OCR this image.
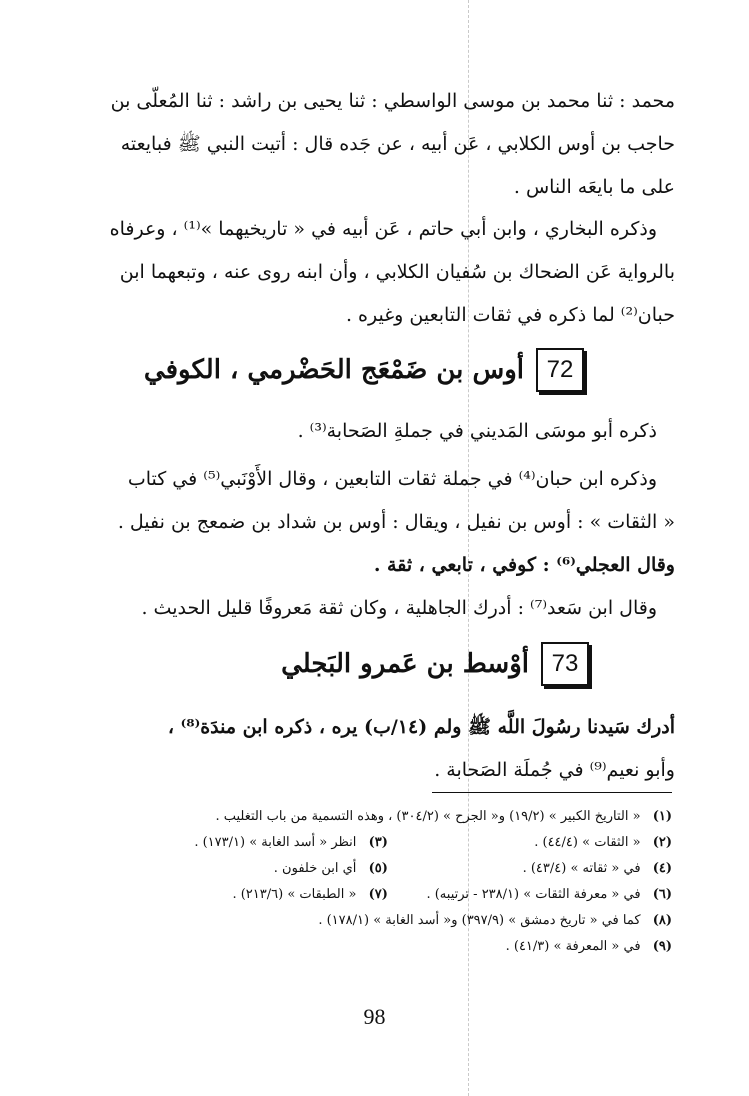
محمد : ثنا محمد بن موسى الواسطي : ثنا يحيى بن راشد : ثنا المُعلّى بن
حاجب بن أوس الكلابي ، عَن أبيه ، عن جَده قال : أتيت النبي ﷺ فبايعته
على ما بايعَه الناس .
وذكره البخاري ، وابن أبي حاتم ، عَن أبيه في « تاريخيهما »⁽¹⁾ ، وعرفاه
بالرواية عَن الضحاك بن سُفيان الكلابي ، وأن ابنه روى عنه ، وتبعهما ابن
حبان⁽²⁾ لما ذكره في ثقات التابعين وغيره .
72
أوس بن ضَمْعَج الحَضْرمي ، الكوفي
ذكره أبو موسَى المَديني في جملةِ الصَحابة⁽³⁾ .
وذكره ابن حبان⁽⁴⁾ في جملة ثقات التابعين ، وقال الأَوْنَبي⁽⁵⁾ في كتاب
« الثقات » : أوس بن نفيل ، ويقال : أوس بن شداد بن ضمعج بن نفيل .
وقال العجلي⁽⁶⁾ : كوفي ، تابعي ، ثقة .
وقال ابن سَعد⁽⁷⁾ : أدرك الجاهلية ، وكان ثقة مَعروفًا قليل الحديث .
73
أوْسط بن عَمرو البَجلي
أدرك سَيدنا رسُولَ اللَّه ﷺ ولم (١٤/ب) يره ، ذكره ابن مندَة⁽⁸⁾ ،
وأبو نعيم⁽⁹⁾ في جُملَة الصَحابة .
(١) « التاريخ الكبير » (١٩/٢) و« الجرح » (٣٠٤/٢) ، وهذه التسمية من باب التغليب .
(٢) « الثقات » (٤٤/٤) . (٣) انظر « أسد الغابة » (١٧٣/١) .
(٤) في « ثقاته » (٤٣/٤) . (٥) أي ابن خلفون .
(٦) في « معرفة الثقات » (٢٣٨/١ - ترتيبه) . (٧) « الطبقات » (٢١٣/٦) .
(٨) كما في « تاريخ دمشق » (٣٩٧/٩) و« أسد الغابة » (١٧٨/١) .
(٩) في « المعرفة » (٤١/٣) .
98
